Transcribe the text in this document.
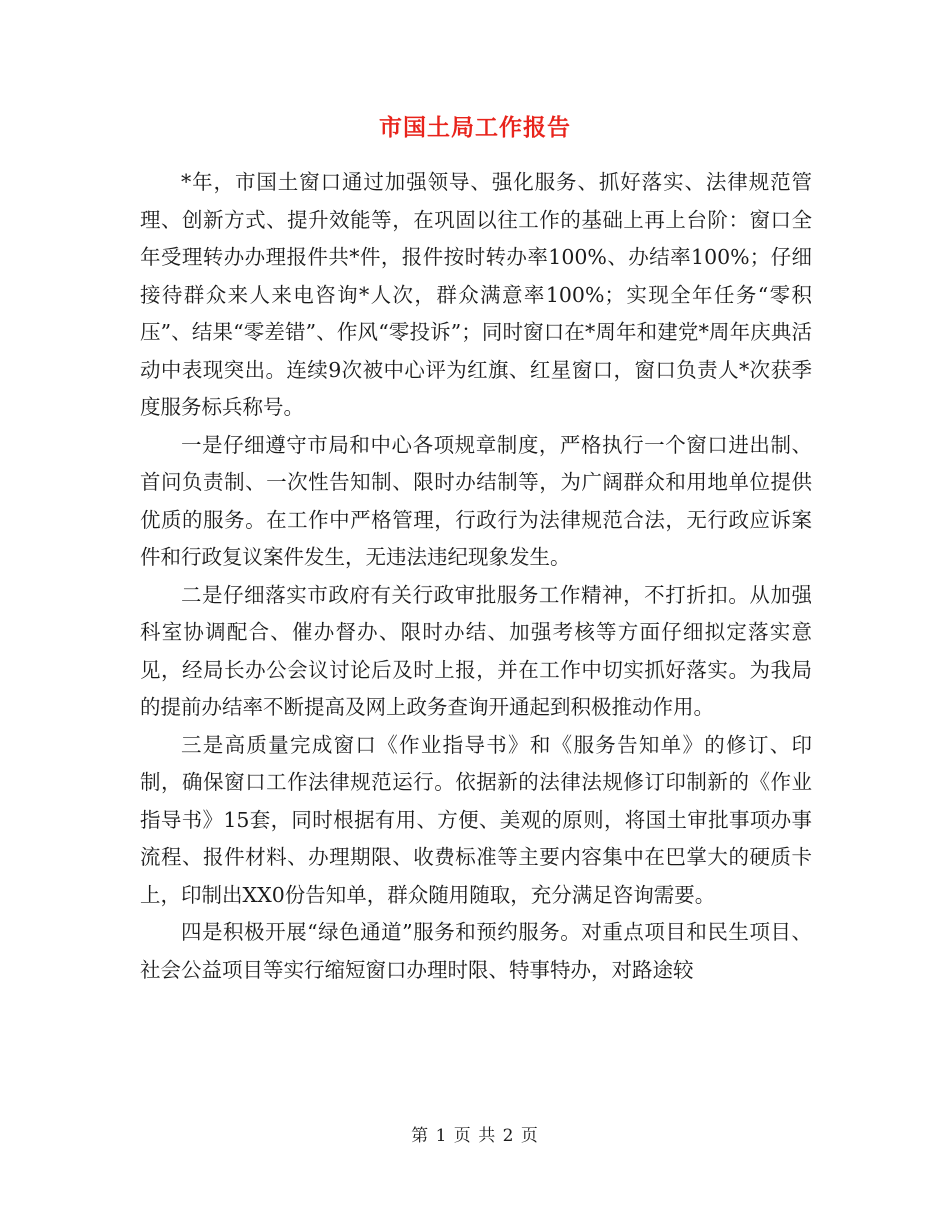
市国土局工作报告

*年，市国土窗口通过加强领导、强化服务、抓好落实、法律规范管理、创新方式、提升效能等，在巩固以往工作的基础上再上台阶：窗口全年受理转办办理报件共*件，报件按时转办率100%、办结率100%；仔细接待群众来人来电咨询*人次，群众满意率100%；实现全年任务“零积压”、结果“零差错”、作风“零投诉”；同时窗口在*周年和建党*周年庆典活动中表现突出。连续9次被中心评为红旗、红星窗口，窗口负责人*次获季度服务标兵称号。

一是仔细遵守市局和中心各项规章制度，严格执行一个窗口进出制、首问负责制、一次性告知制、限时办结制等，为广阔群众和用地单位提供优质的服务。在工作中严格管理，行政行为法律规范合法，无行政应诉案件和行政复议案件发生，无违法违纪现象发生。

二是仔细落实市政府有关行政审批服务工作精神，不打折扣。从加强科室协调配合、催办督办、限时办结、加强考核等方面仔细拟定落实意见，经局长办公会议讨论后及时上报，并在工作中切实抓好落实。为我局的提前办结率不断提高及网上政务查询开通起到积极推动作用。

三是高质量完成窗口《作业指导书》和《服务告知单》的修订、印制，确保窗口工作法律规范运行。依据新的法律法规修订印制新的《作业指导书》15套，同时根据有用、方便、美观的原则，将国土审批事项办事流程、报件材料、办理期限、收费标准等主要内容集中在巴掌大的硬质卡上，印制出XX0份告知单，群众随用随取，充分满足咨询需要。

四是积极开展“绿色通道”服务和预约服务。对重点项目和民生项目、社会公益项目等实行缩短窗口办理时限、特事特办，对路途较

第 1 页 共 2 页
